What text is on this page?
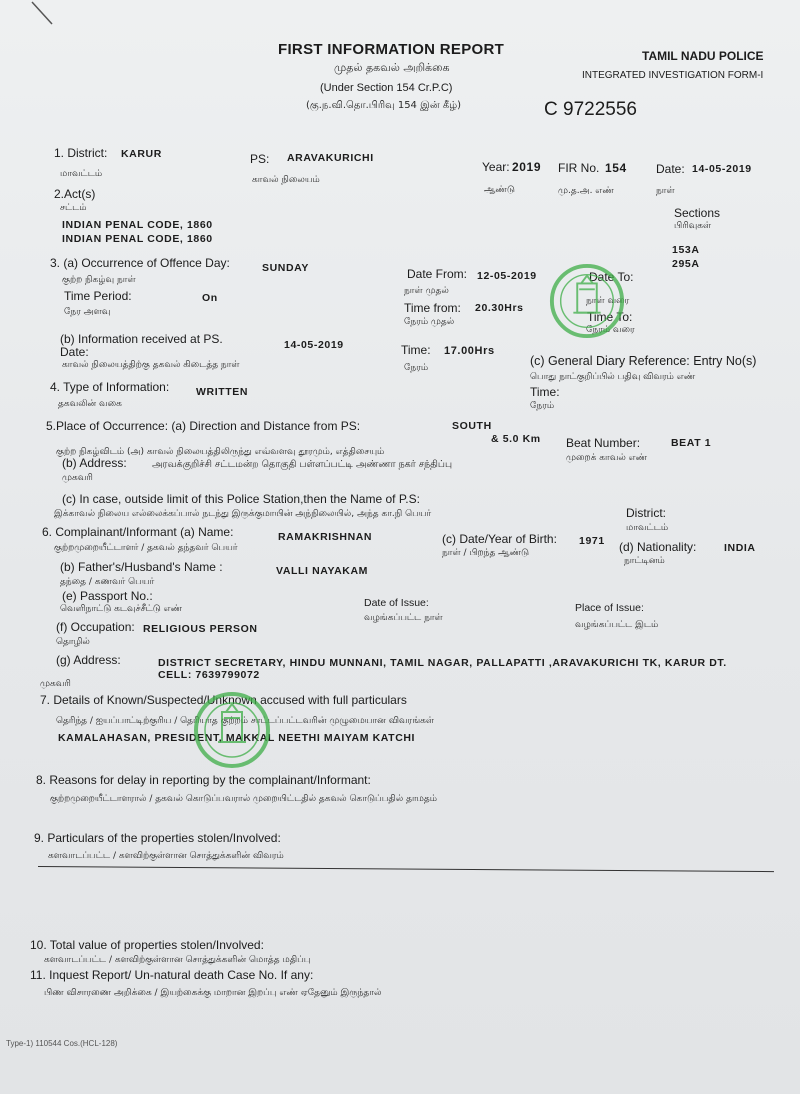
FIRST INFORMATION REPORT
முதல் தகவல் அறிக்கை
(Under Section 154 Cr.P.C)
(கு.ந.வி.தொ.பிரிவு 154 இன் கீழ்)
TAMIL NADU POLICE
INTEGRATED INVESTIGATION FORM-I
C 9722556
1. District: KARUR
மாவட்டம்
PS: ARAVAKURICHI
காவல் நிலையம்
Year: 2019
ஆண்டு
FIR No. 154
மு.த.அ. எண்
Date: 14-05-2019
நாள்
2.Act(s)
சட்டம்
INDIAN PENAL CODE, 1860
INDIAN PENAL CODE, 1860
Sections
பிரிவுகள்
153A
295A
3. (a) Occurrence of Offence Day:	SUNDAY
குற்ற நிகழ்வு நாள்
Time Period:	On
நேர அளவு
Date From: 12-05-2019
நாள் முதல்
Time from: 20.30Hrs
நேரம் முதல்
Date To:
நாள் வரை
Time To:
நேரம் வரை
(b) Information received at PS.
Date:	14-05-2019
காவல் நிலையத்திற்கு தகவல் கிடைத்த நாள்
Time: 17.00Hrs
நேரம்	(c) General Diary Reference: Entry No(s)
பொது நாட்குறிப்பில் பதிவு விவரம் எண்
Time:
நேரம்
4. Type of Information:	WRITTEN
தகவலின் வகை
5.Place of Occurrence: (a) Direction and Distance from PS:	SOUTH
& 5.0 Km
குற்ற நிகழ்விடம் (அ) காவல் நிலையத்திலிருந்து எவ்வளவு தூரமும், எத்திசையும்
Beat Number:	BEAT 1
முறைக் காவல் எண்
(b) Address:	அரவக்குறிச்சி சட்டமன்ற தொகுதி பள்ளப்பட்டி அண்ணா நகர் சந்திப்பு
முகவரி
(c) In case, outside limit of this Police Station,then the Name of P.S:
இக்காவல் நிலைய எல்லைக்கப்பால் நடந்து இருக்குமாயின் அந்நிலையில், அந்த கா.நி பெயர்	District:
மாவட்டம்
6. Complainant/Informant (a) Name:	RAMAKRISHNAN
குற்றமுறையீட்டாளர் / தகவல் தந்தவர் பெயர்
(c) Date/Year of Birth: 1971
நாள் / பிறந்த ஆண்டு	(d) Nationality:	INDIA
நாட்டினம்
(b) Father's/Husband's Name :	VALLI NAYAKAM
தந்தை / கணவர் பெயர்
(e) Passport No.:
வெளிநாட்டு கடவுச்சீட்டு எண்	Date of Issue:
வழங்கப்பட்ட நாள்
Place of Issue:
வழங்கப்பட்ட இடம்
(f) Occupation: RELIGIOUS PERSON
தொழில்
(g) Address:	DISTRICT SECRETARY, HINDU MUNNANI, TAMIL NAGAR, PALLAPATTI ,ARAVAKURICHI TK, KARUR DT.
CELL: 7639799072
முகவரி
7. Details of Known/Suspected/Unknown accused with full particulars
தெரிந்த / ஐயப்பாட்டிற்குரிய / தெரியாத குற்றம் சாட்டப்பட்டவரின் முழுமையான விவரங்கள்
KAMALAHASAN, PRESIDENT, MAKKAL NEETHI MAIYAM KATCHI
8. Reasons for delay in reporting by the complainant/Informant:
குற்றமுறையீட்டாளரால் / தகவல் கொடுப்பவரால் முறையிட்டதில் தகவல் கொடுப்பதில் தாமதம்
9. Particulars of the properties stolen/Involved:
களவாடப்பட்ட / களவிற்குள்ளான சொத்துக்களின் விவரம்
10. Total value of properties stolen/Involved:
களவாடப்பட்ட / களவிற்குள்ளான சொத்துக்களின் மொத்த மதிப்பு
11. Inquest Report/ Un-natural death Case No. If any:
பிண விசாரணை அறிக்கை / இயற்கைக்கு மாறான இறப்பு எண் ஏதேனும் இருந்தால்
Type-1) 110544 Cos.(HCL-128)
